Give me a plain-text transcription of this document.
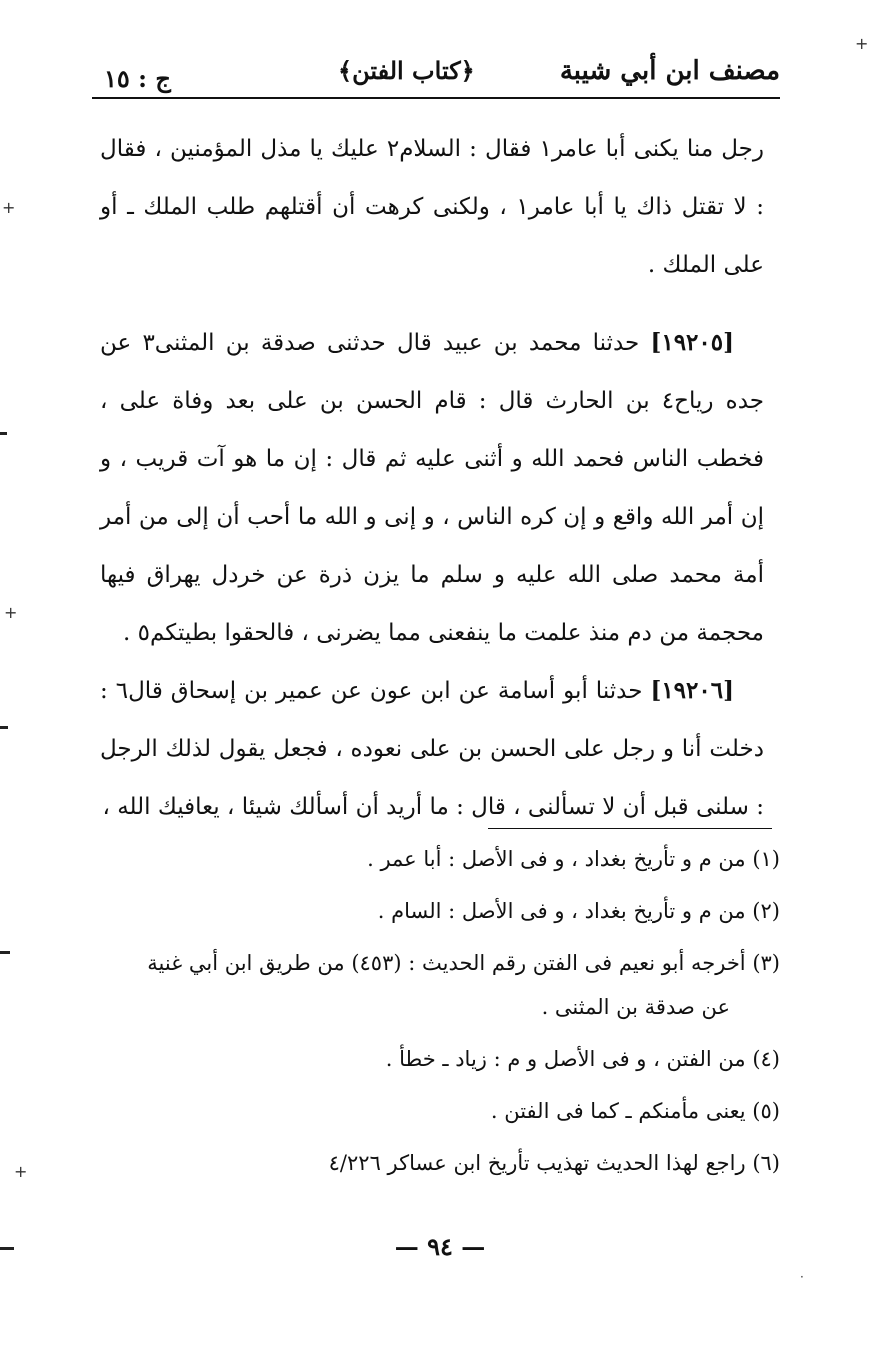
مصنف ابن أبي شيبة
﴿كتاب الفتن﴾
ج : ١٥

رجل منا يكنى أبا عامر١ فقال : السلام٢ عليك يا مذل المؤمنين ، فقال : لا تقتل ذاك يا أبا عامر١ ، ولكنى كرهت أن أقتلهم طلب الملك ـ أو على الملك .

[١٩٢٠٥] حدثنا محمد بن عبيد قال حدثنى صدقة بن المثنى٣ عن جده رياح٤ بن الحارث قال : قام الحسن بن على بعد وفاة على ، فخطب الناس فحمد الله و أثنى عليه ثم قال : إن ما هو آت قريب ، و إن أمر الله واقع و إن كره الناس ، و إنى و الله ما أحب أن إلى من أمر أمة محمد صلى الله عليه و سلم ما يزن ذرة عن خردل يهراق فيها محجمة من دم منذ علمت ما ينفعنى مما يضرنى ، فالحقوا بطيتكم٥ .

[١٩٢٠٦] حدثنا أبو أسامة عن ابن عون عن عمير بن إسحاق قال٦ : دخلت أنا و رجل على الحسن بن على نعوده ، فجعل يقول لذلك الرجل : سلنى قبل أن لا تسألنى ، قال : ما أريد أن أسألك شيئا ، يعافيك الله ،

(١) من م و تأريخ بغداد ، و فى الأصل : أبا عمر .

(٢) من م و تأريخ بغداد ، و فى الأصل : السام .

(٣) أخرجه أبو نعيم فى الفتن رقم الحديث : (٤٥٣) من طريق ابن أبي غنية

عن صدقة بن المثنى .

(٤) من الفتن ، و فى الأصل و م : زياد ـ خطأ .

(٥) يعنى مأمنكم ـ كما فى الفتن .

(٦) راجع لهذا الحديث تهذيب تأريخ ابن عساكر ٤/٢٢٦

— ٩٤ —
+
+
+
+
·
